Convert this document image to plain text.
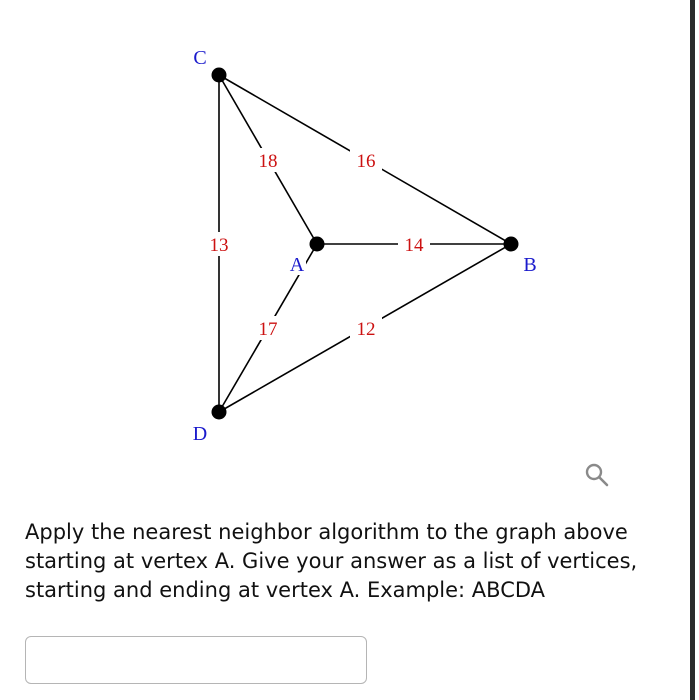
18	16
13	14
17	12
C
A	B
D

Apply the nearest neighbor algorithm to the graph above starting at vertex A. Give your answer as a list of vertices, starting and ending at vertex A. Example: ABCDA
